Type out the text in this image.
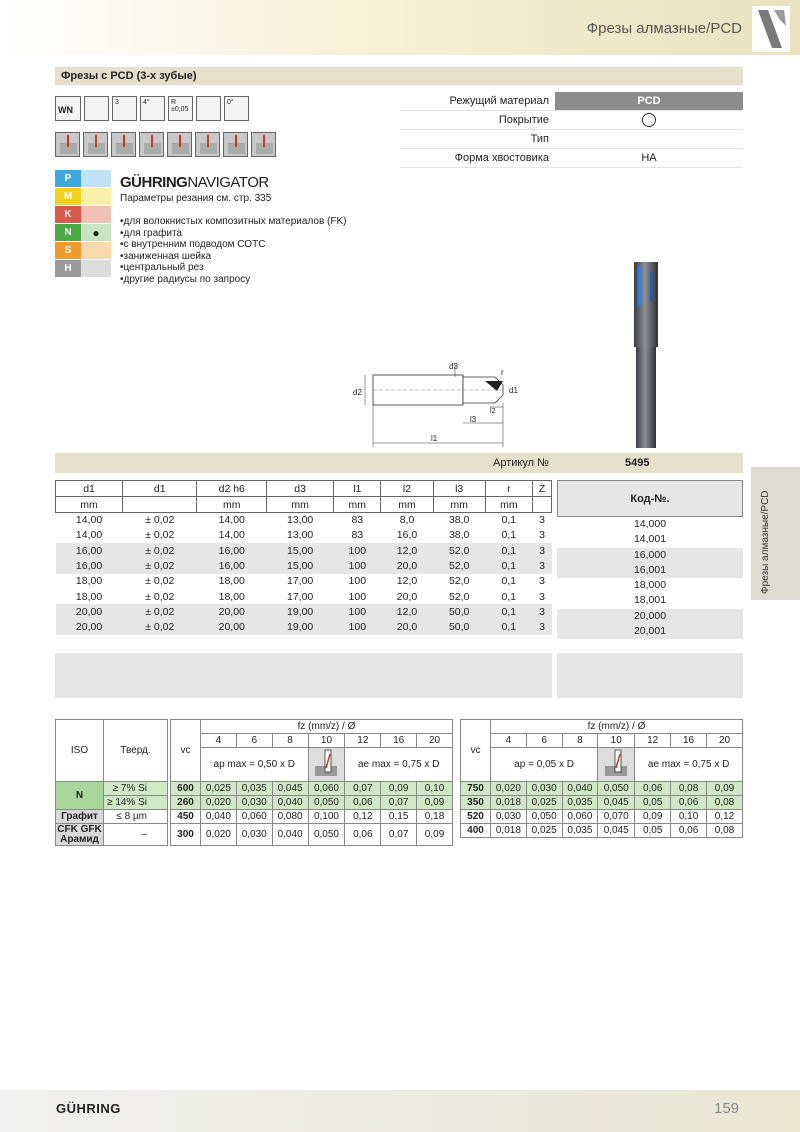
Фрезы алмазные/PCD
Фрезы с PCD (3-х зубые)
WN
3	4°	R ±0,05
0°	Режущий материал	PCD
Покрытие
Тип
Форма хвостовика	HA
P
M
K
N	●
S
H
GÜHRINGNAVIGATOR
Параметры резания см. стр. 335
• для волокнистых композитных материалов (FK)
• для графита
• с внутренним подводом СОТС
• заниженная шейка
• центральный рез
• другие радиусы по запросу
l1
l3
l2
d2
d3
d1
r
Артикул №	5495
Фрезы алмазные/PCD
d1	d1	d2 h6	d3	l1	l2	l3	r	Z
mm		mm	mm	mm	mm	mm	mm	
14,00	± 0,02	14,00	13,00	83	8,0	38,0	0,1	3
14,00	± 0,02	14,00	13,00	83	16,0	38,0	0,1	3
16,00	± 0,02	16,00	15,00	100	12,0	52,0	0,1	3
16,00	± 0,02	16,00	15,00	100	20,0	52,0	0,1	3
18,00	± 0,02	18,00	17,00	100	12,0	52,0	0,1	3
18,00	± 0,02	18,00	17,00	100	20,0	52,0	0,1	3
20,00	± 0,02	20,00	19,00	100	12,0	50,0	0,1	3
20,00	± 0,02	20,00	19,00	100	20,0	50,0	0,1	3
Код-№.
14,000
14,001
16,000
16,001
18,000
18,001
20,000
20,001
ISO	Тверд.		vc	fz (mm/z) / Ø						
				4	6	8	10	12	16	20
				ap max = 0,50 x D				ae max = 0,75 x D		
N	≥ 7% Si		600	0,025	0,035	0,045	0,060	0,07	0,09	0,10
	≥ 14% Si		260	0,020	0,030	0,040	0,050	0,06	0,07	0,09
Графит	≤ 8 µm		450	0,040	0,060	0,080	0,100	0,12	0,15	0,18
CFK GFK Арамид	–		300	0,020	0,030	0,040	0,050	0,06	0,07	0,09
vc	fz (mm/z) / Ø						
	4	6	8	10	12	16	20
	ap = 0,05 x D				ae max = 0,75 x D		
750	0,020	0,030	0,040	0,050	0,06	0,08	0,09
350	0,018	0,025	0,035	0,045	0,05	0,06	0,08
520	0,030	0,050	0,060	0,070	0,09	0,10	0,12
400	0,018	0,025	0,035	0,045	0,05	0,06	0,08
GÜHRING	159
